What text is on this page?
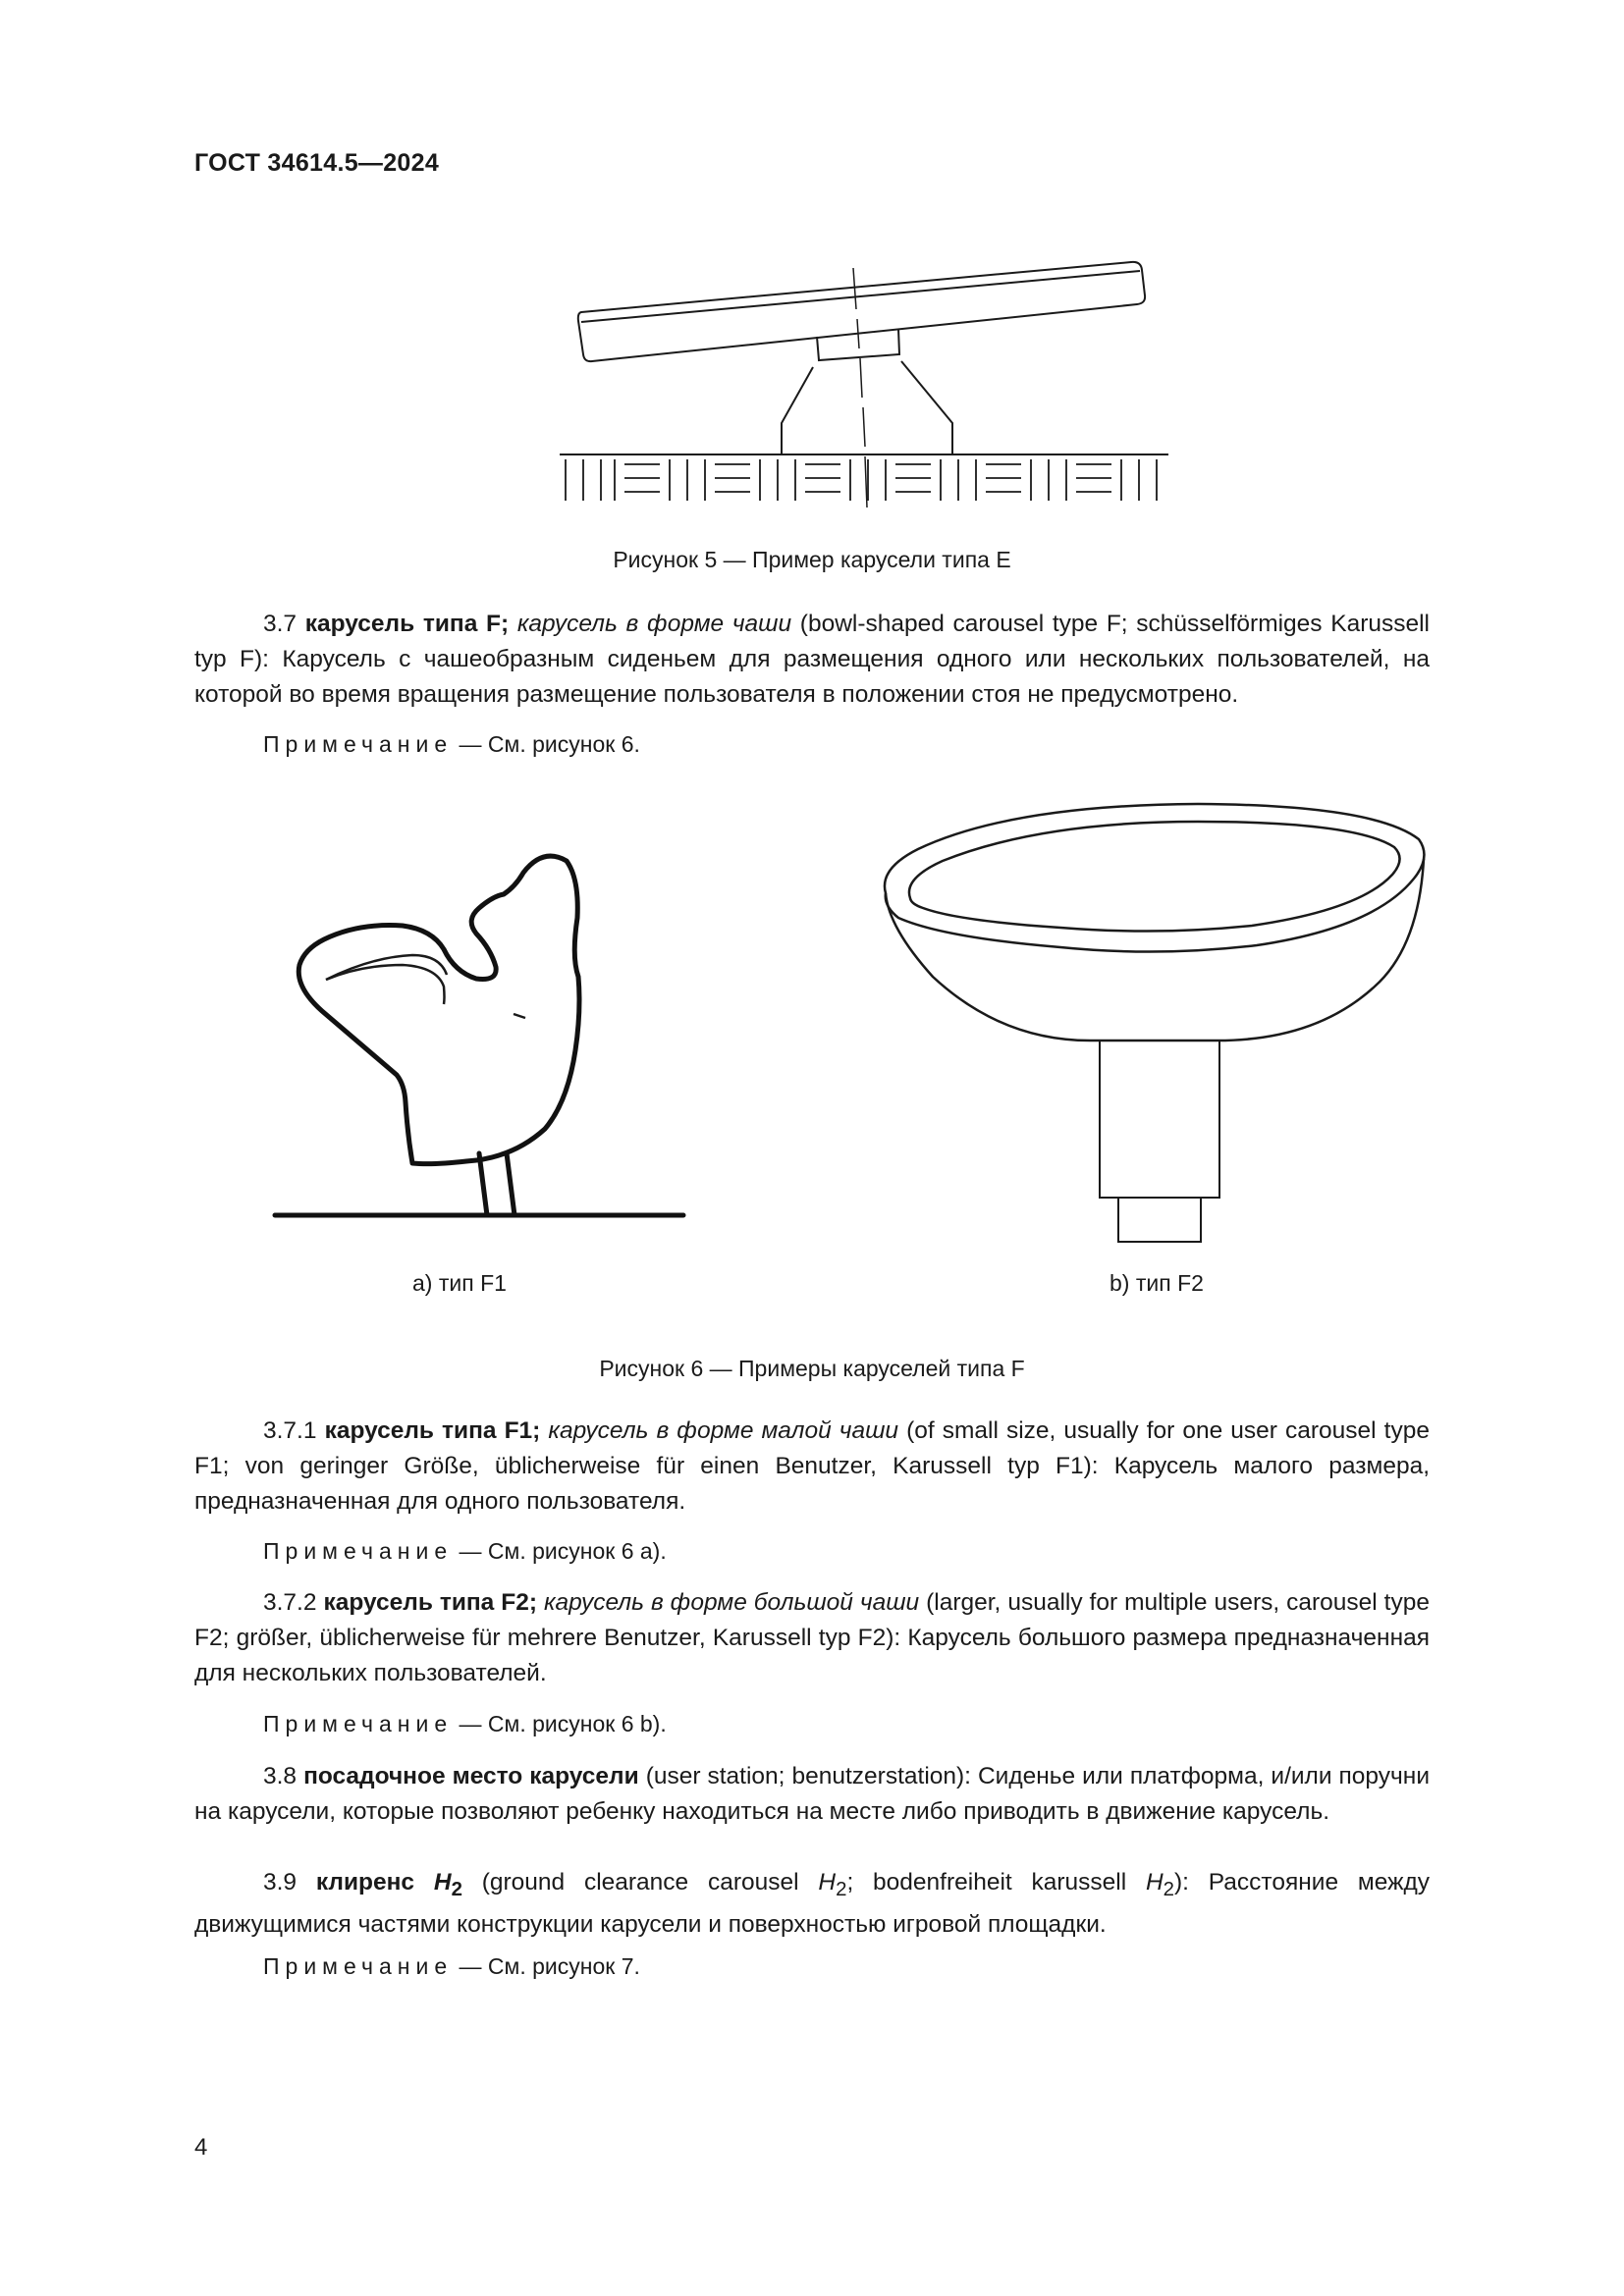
ГОСТ 34614.5—2024
Рисунок 5 — Пример карусели типа E
3.7 карусель типа F; карусель в форме чаши (bowl-shaped carousel type F; schüsselförmiges Karussell typ F): Карусель с чашеобразным сиденьем для размещения одного или нескольких пользователей, на которой во время вращения размещение пользователя в положении стоя не предусмотрено.
Примечание — См. рисунок 6.
a) тип F1	b) тип F2
Рисунок 6 — Примеры каруселей типа F
3.7.1 карусель типа F1; карусель в форме малой чаши (of small size, usually for one user carousel type F1; von geringer Größe, üblicherweise für einen Benutzer, Karussell typ F1): Карусель малого размера, предназначенная для одного пользователя.
Примечание — См. рисунок 6 a).
3.7.2 карусель типа F2; карусель в форме большой чаши (larger, usually for multiple users, carousel type F2; größer, üblicherweise für mehrere Benutzer, Karussell typ F2): Карусель большого размера предназначенная для нескольких пользователей.
Примечание — См. рисунок 6 b).
3.8 посадочное место карусели (user station; benutzerstation): Сиденье или платформа, и/или поручни на карусели, которые позволяют ребенку находиться на месте либо приводить в движение карусель.
3.9 клиренс $H_2$ (ground clearance carousel $H_2$; bodenfreiheit karussell $H_2$): Расстояние между движущимися частями конструкции карусели и поверхностью игровой площадки.
Примечание — См. рисунок 7.
4
